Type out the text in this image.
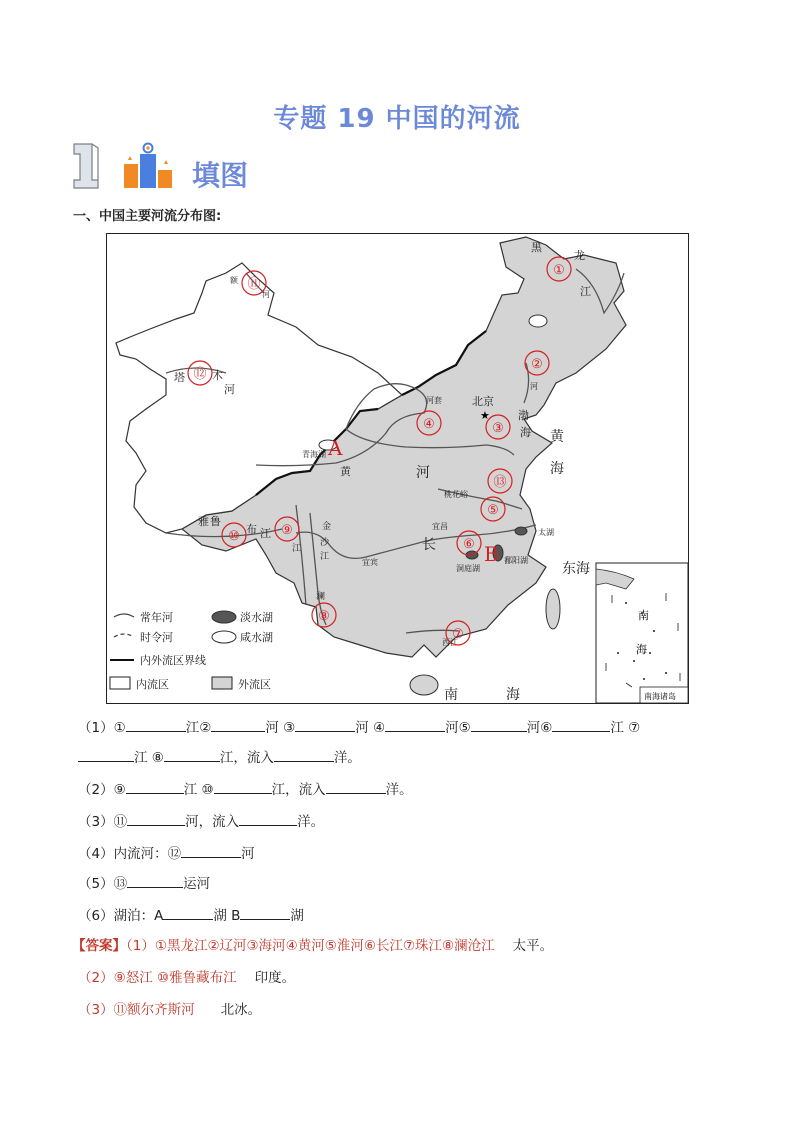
专题 19 中国的河流
填图
一、中国主要河流分布图:
★
黑
龙
江
河
北京
河套
渤
海 黄
海
青海湖
黄	河
桃花峪
宜昌
宜宾
长
太湖
鄱阳湖
洞庭湖	东海
南	海
塔 木
河
额
河
雅 鲁
布 江
江
金
沙
江
澜
西江
A
B
①
②
③
④
⑤
⑥
⑦
⑧
⑨
⑩
⑪
⑫
⑬
南
海
南海诸岛
常年河
时令河
淡水湖
咸水湖
内外流区界线
内流区	外流区
（1）①	江②	河 ③	河 ④	河⑤	河⑥	江 ⑦
江 ⑧	江，流入	洋。
（2）⑨	江 ⑩	江，流入	洋。
（3）⑪	河，流入	洋。
（4）内流河：⑫	河
（5）⑬	运河
（6）湖泊：A	湖 B	湖
【答案】（1）①黑龙江②辽河③海河④黄河⑤淮河⑥长江⑦珠江⑧澜沧江 太平。
（2）⑨怒江 ⑩雅鲁藏布江 印度。
（3）⑪额尔齐斯河 北冰。
